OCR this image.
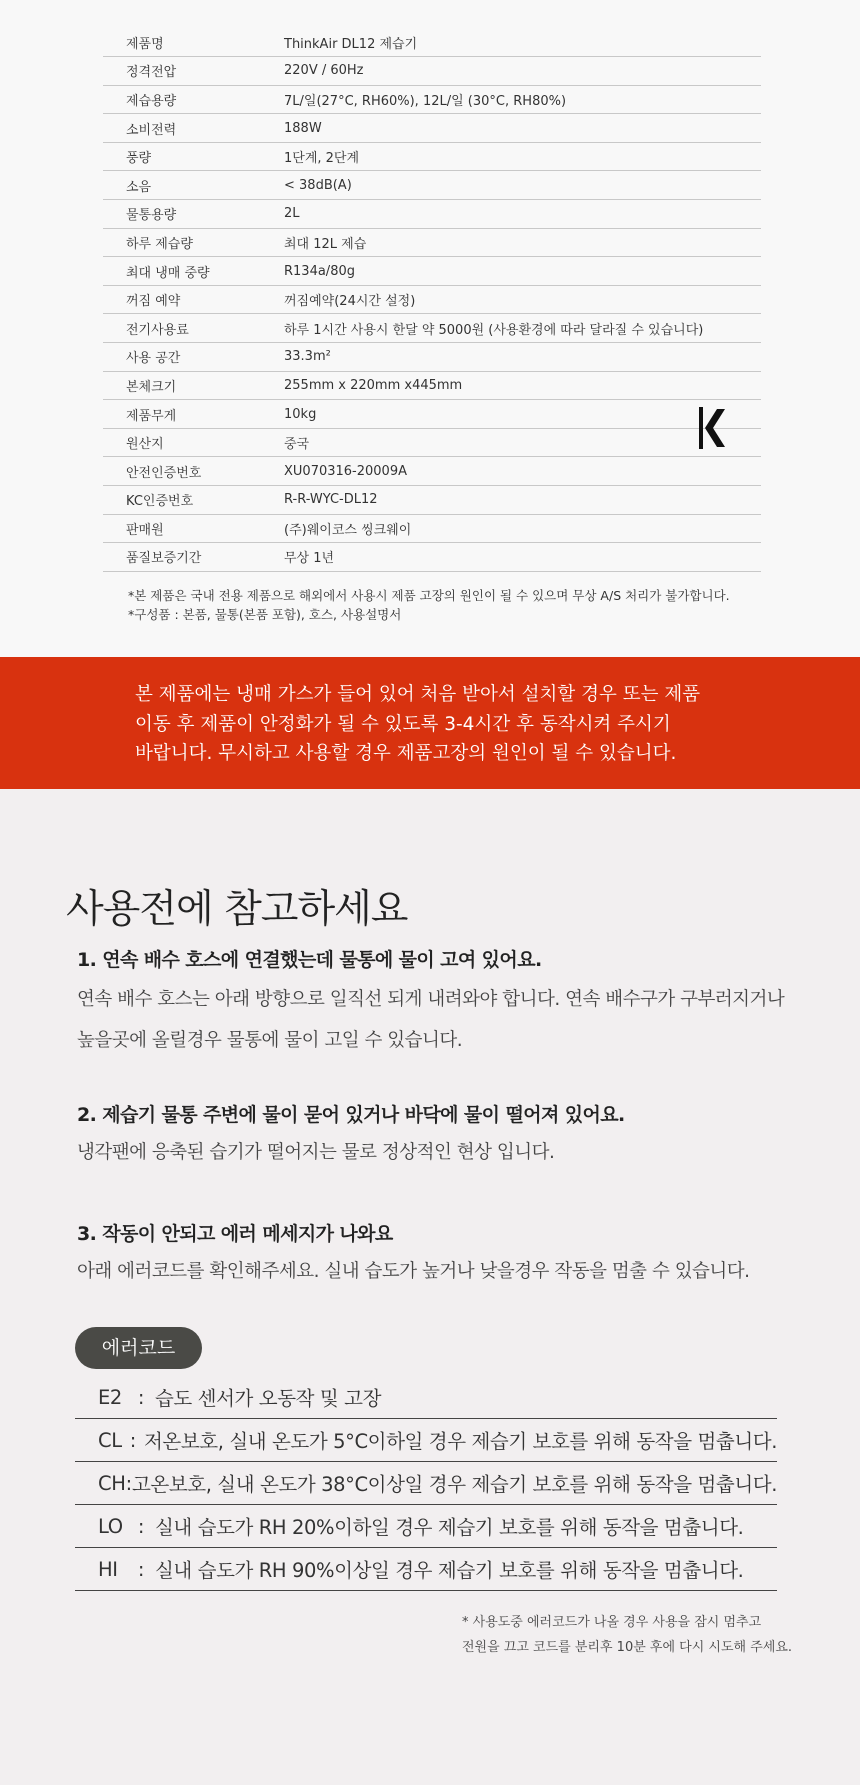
제품명	ThinkAir DL12 제습기
정격전압	220V / 60Hz
제습용량	7L/일(27°C, RH60%), 12L/일 (30°C, RH80%)
소비전력	188W
풍량	1단계, 2단계
소음	< 38dB(A)
물통용량	2L
하루 제습량	최대 12L 제습
최대 냉매 중량	R134a/80g
꺼짐 예약	꺼짐예약(24시간 설정)
전기사용료	하루 1시간 사용시 한달 약 5000원 (사용환경에 따라 달라질 수 있습니다)
사용 공간	33.3m²
본체크기	255mm x 220mm x445mm
제품무게	10kg
원산지	중국
안전인증번호	XU070316-20009A
KC인증번호	R-R-WYC-DL12
판매원	(주)웨이코스 씽크웨이
품질보증기간	무상 1년
*본 제품은 국내 전용 제품으로 해외에서 사용시 제품 고장의 원인이 될 수 있으며 무상 A/S 처리가 불가합니다.
*구성품 : 본품, 물통(본품 포함), 호스, 사용설명서
본 제품에는 냉매 가스가 들어 있어 처음 받아서 설치할 경우 또는 제품
이동 후 제품이 안정화가 될 수 있도록 3-4시간 후 동작시켜 주시기
바랍니다. 무시하고 사용할 경우 제품고장의 원인이 될 수 있습니다.
사용전에 참고하세요
1. 연속 배수 호스에 연결했는데 물통에 물이 고여 있어요.
연속 배수 호스는 아래 방향으로 일직선 되게 내려와야 합니다. 연속 배수구가 구부러지거나
높을곳에 올릴경우 물통에 물이 고일 수 있습니다.
2. 제습기 물통 주변에 물이 묻어 있거나 바닥에 물이 떨어져 있어요.
냉각팬에 응축된 습기가 떨어지는 물로 정상적인 현상 입니다.
3. 작동이 안되고 에러 메세지가 나와요
아래 에러코드를 확인해주세요. 실내 습도가 높거나 낮을경우 작동을 멈출 수 있습니다.
에러코드
E2 : 습도 센서가 오동작 및 고장
CL : 저온보호, 실내 온도가 5°C이하일 경우 제습기 보호를 위해 동작을 멈춥니다.
CH : 고온보호, 실내 온도가 38°C이상일 경우 제습기 보호를 위해 동작을 멈춥니다.
LO : 실내 습도가 RH 20%이하일 경우 제습기 보호를 위해 동작을 멈춥니다.
HI	: 실내 습도가 RH 90%이상일 경우 제습기 보호를 위해 동작을 멈춥니다.
* 사용도중 에러코드가 나올 경우 사용을 잠시 멈추고
전원을 끄고 코드를 분리후 10분 후에 다시 시도해 주세요.
